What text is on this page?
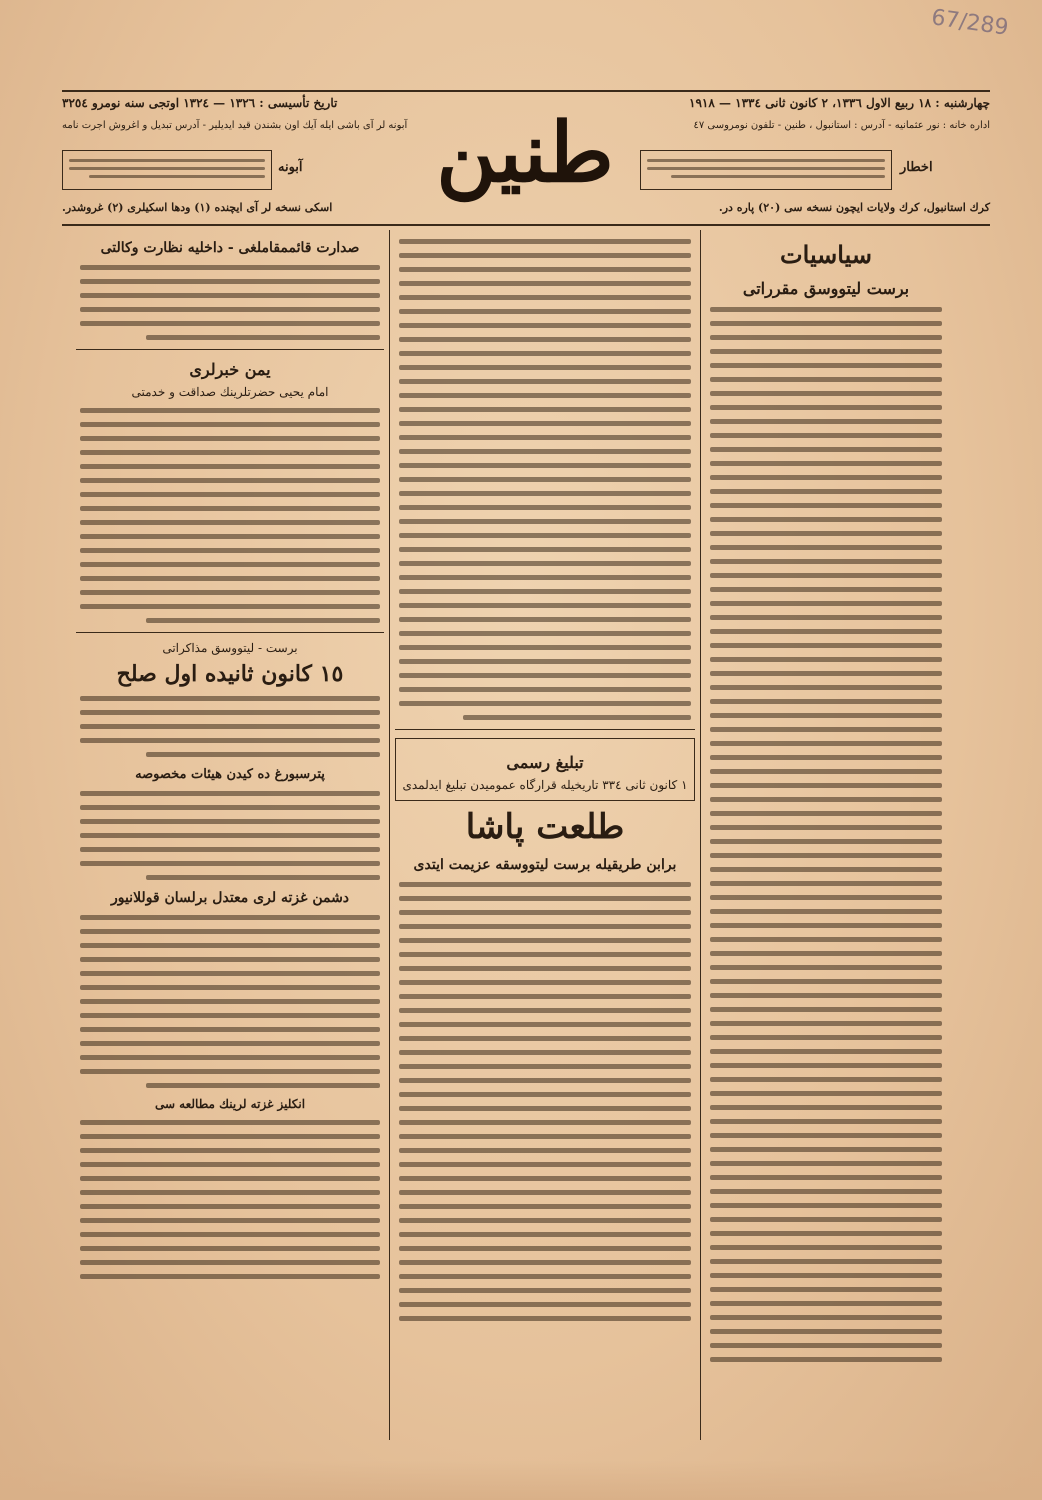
67/289
چهارشنبه : ١٨ ربيع الاول ١٣٣٦، ٢ كانون ثانى ١٣٣٤ — ١٩١٨
تاريخ تأسيسى : ١٣٢٦ — ١٣٢٤ اوتجى سنه نومرو ٣٢٥٤
اداره خانه : نور عثمانيه - آدرس : استانبول ، طنين - تلفون نومروسى ٤٧
آبونه لر آى باشى ايله آيك اون بشندن قيد ايديلير - آدرس تبديل و اغروش اجرت نامه طنين	اخطار
آبونه
كرك استانبول، كرك ولايات ايچون نسخه سى (٢٠) پاره در.
اسكى نسخه لر آى ايچنده (١) ودها اسكيلرى (٢) غروشدر.
سياسيات
برست ليتووسق مقرراتى
تبليغ رسمى
١ كانون ثانى ٣٣٤ تاريخيله قرارگاه عموميدن تبليغ ايدلمدى
طلعت پاشا
برابن طريقيله برست ليتووسقه عزيمت ايتدى
صدارت قائممقاملغى - داخليه نظارت وكالتى
يمن خبرلرى
امام يحيى حضرتلرينك صداقت و خدمتى
برست - ليتووسق مذاكراتى
١٥ كانون ثانيده اول صلح
پترسبورغ ده كيدن هيئات مخصوصه
دشمن غزته لرى معتدل برلسان قوللانيور
انكليز غزته لرينك مطالعه سى
